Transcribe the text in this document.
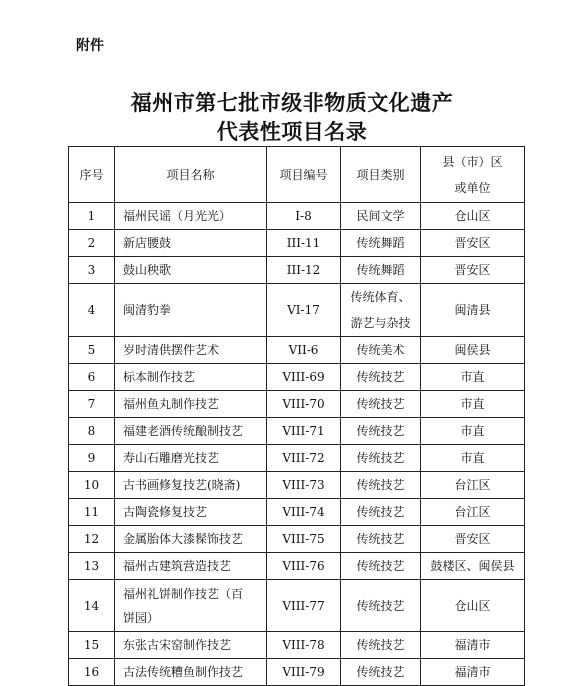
附件
福州市第七批市级非物质文化遗产
代表性项目名录
序号	项目名称	项目编号	项目类别	县（市）区
或单位

1	福州民谣（月光光）	I-8	民间文学	仓山区
2	新店腰鼓	III-11	传统舞蹈	晋安区
3	鼓山秧歌	III-12	传统舞蹈	晋安区
4	闽清豹拳	VI-17	传统体育、
游艺与杂技	闽清县
5	岁时清供摆件艺术	VII-6	传统美术	闽侯县
6	标本制作技艺	VIII-69	传统技艺	市直
7	福州鱼丸制作技艺	VIII-70	传统技艺	市直
8	福建老酒传统酿制技艺	VIII-71	传统技艺	市直
9	寿山石雕磨光技艺	VIII-72	传统技艺	市直
10	古书画修复技艺(晓斋)	VIII-73	传统技艺	台江区
11	古陶瓷修复技艺	VIII-74	传统技艺	台江区
12	金属胎体大漆髹饰技艺	VIII-75	传统技艺	晋安区
13	福州古建筑营造技艺	VIII-76	传统技艺	鼓楼区、闽侯县
14	福州礼饼制作技艺（百
饼园）	VIII-77	传统技艺	仓山区
15	东张古宋窑制作技艺	VIII-78	传统技艺	福清市
16	古法传统糟鱼制作技艺	VIII-79	传统技艺	福清市
